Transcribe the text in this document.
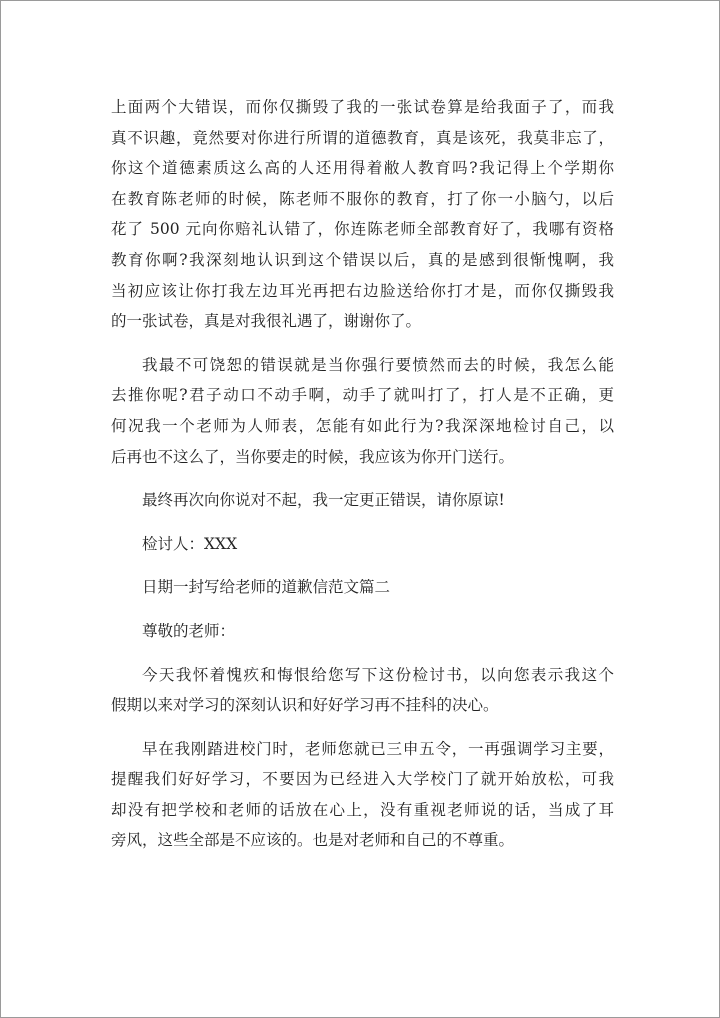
上面两个大错误，而你仅撕毁了我的一张试卷算是给我面子了，而我
真不识趣，竟然要对你进行所谓的道德教育，真是该死，我莫非忘了，
你这个道德素质这么高的人还用得着敝人教育吗?我记得上个学期你
在教育陈老师的时候，陈老师不服你的教育，打了你一小脑勺，以后
花了 500 元向你赔礼认错了，你连陈老师全部教育好了，我哪有资格
教育你啊?我深刻地认识到这个错误以后，真的是感到很惭愧啊，我
当初应该让你打我左边耳光再把右边脸送给你打才是，而你仅撕毁我
的一张试卷，真是对我很礼遇了，谢谢你了。
我最不可饶恕的错误就是当你强行要愤然而去的时候，我怎么能
去推你呢?君子动口不动手啊，动手了就叫打了，打人是不正确，更
何况我一个老师为人师表，怎能有如此行为?我深深地检讨自己，以
后再也不这么了，当你要走的时候，我应该为你开门送行。
最终再次向你说对不起，我一定更正错误，请你原谅!
检讨人：XXX
日期一封写给老师的道歉信范文篇二
尊敬的老师：
今天我怀着愧疚和悔恨给您写下这份检讨书，以向您表示我这个
假期以来对学习的深刻认识和好好学习再不挂科的决心。
早在我刚踏进校门时，老师您就已三申五令，一再强调学习主要，
提醒我们好好学习，不要因为已经进入大学校门了就开始放松，可我
却没有把学校和老师的话放在心上，没有重视老师说的话，当成了耳
旁风，这些全部是不应该的。也是对老师和自己的不尊重。
